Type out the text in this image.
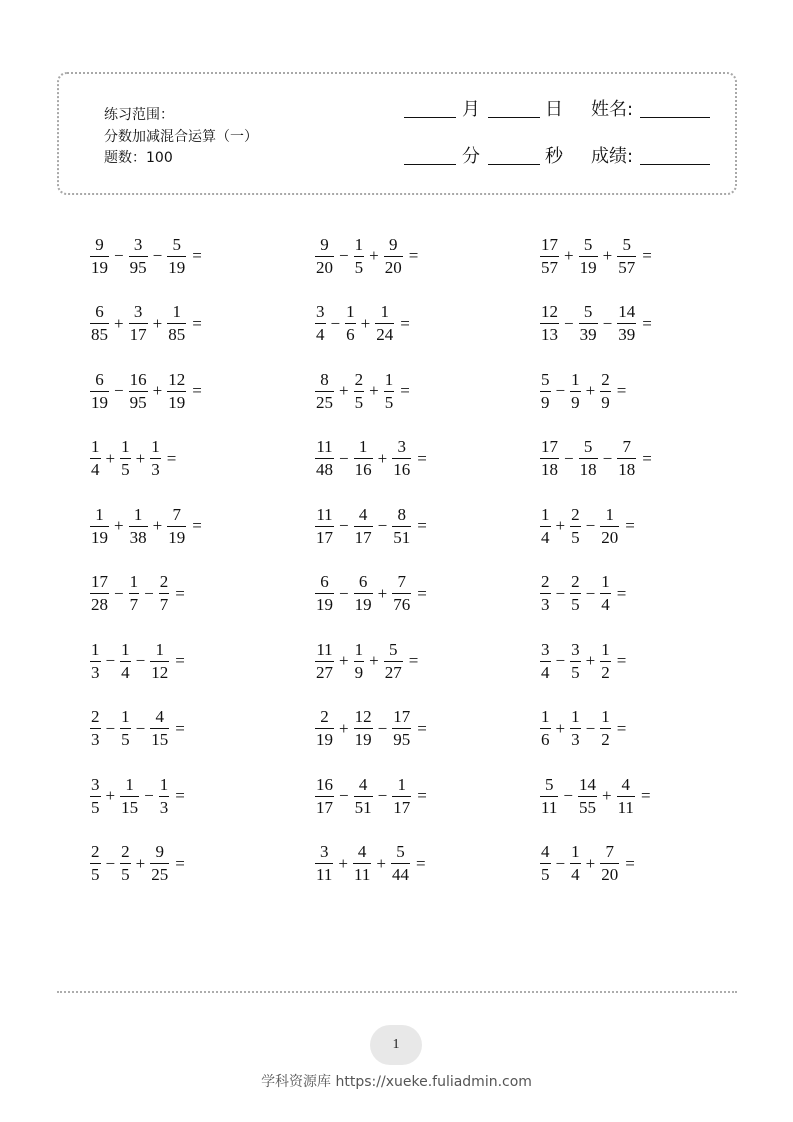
练习范围：
分数加减混合运算（一）
题数：100
月	日 姓名:
分	秒 成绩:
$\frac{9}{19} - \frac{3}{95} - \frac{5}{19}$ =	$\frac{9}{20} - \frac{1}{5} + \frac{9}{20}$ =	$\frac{17}{57} + \frac{5}{19} + \frac{5}{57}$ =
$\frac{6}{85} + \frac{3}{17} + \frac{1}{85}$ =	$\frac{3}{4} - \frac{1}{6} + \frac{1}{24}$ =	$\frac{12}{13} - \frac{5}{39} - \frac{14}{39}$ =
$\frac{6}{19} - \frac{16}{95} + \frac{12}{19}$ =	$\frac{8}{25} + \frac{2}{5} + \frac{1}{5}$ =	$\frac{5}{9} - \frac{1}{9} + \frac{2}{9}$ =
$\frac{1}{4} + \frac{1}{5} + \frac{1}{3}$ =	$\frac{11}{48} - \frac{1}{16} + \frac{3}{16}$ =	$\frac{17}{18} - \frac{5}{18} - \frac{7}{18}$ =
$\frac{1}{19} + \frac{1}{38} + \frac{7}{19}$ =	$\frac{11}{17} - \frac{4}{17} - \frac{8}{51}$ =	$\frac{1}{4} + \frac{2}{5} - \frac{1}{20}$ =
$\frac{17}{28} - \frac{1}{7} - \frac{2}{7}$ =	$\frac{6}{19} - \frac{6}{19} + \frac{7}{76}$ =	$\frac{2}{3} - \frac{2}{5} - \frac{1}{4}$ =
$\frac{1}{3} - \frac{1}{4} - \frac{1}{12}$ =	$\frac{11}{27} + \frac{1}{9} + \frac{5}{27}$ =	$\frac{3}{4} - \frac{3}{5} + \frac{1}{2}$ =
$\frac{2}{3} - \frac{1}{5} - \frac{4}{15}$ =	$\frac{2}{19} + \frac{12}{19} - \frac{17}{95}$ =	$\frac{1}{6} + \frac{1}{3} - \frac{1}{2}$ =
$\frac{3}{5} + \frac{1}{15} - \frac{1}{3}$ =	$\frac{16}{17} - \frac{4}{51} - \frac{1}{17}$ =	$\frac{5}{11} - \frac{14}{55} + \frac{4}{11}$ =
$\frac{2}{5} - \frac{2}{5} + \frac{9}{25}$ =	$\frac{3}{11} + \frac{4}{11} + \frac{5}{44}$ =	$\frac{4}{5} - \frac{1}{4} + \frac{7}{20}$ =
1
学科资源库 https://xueke.fuliadmin.com
